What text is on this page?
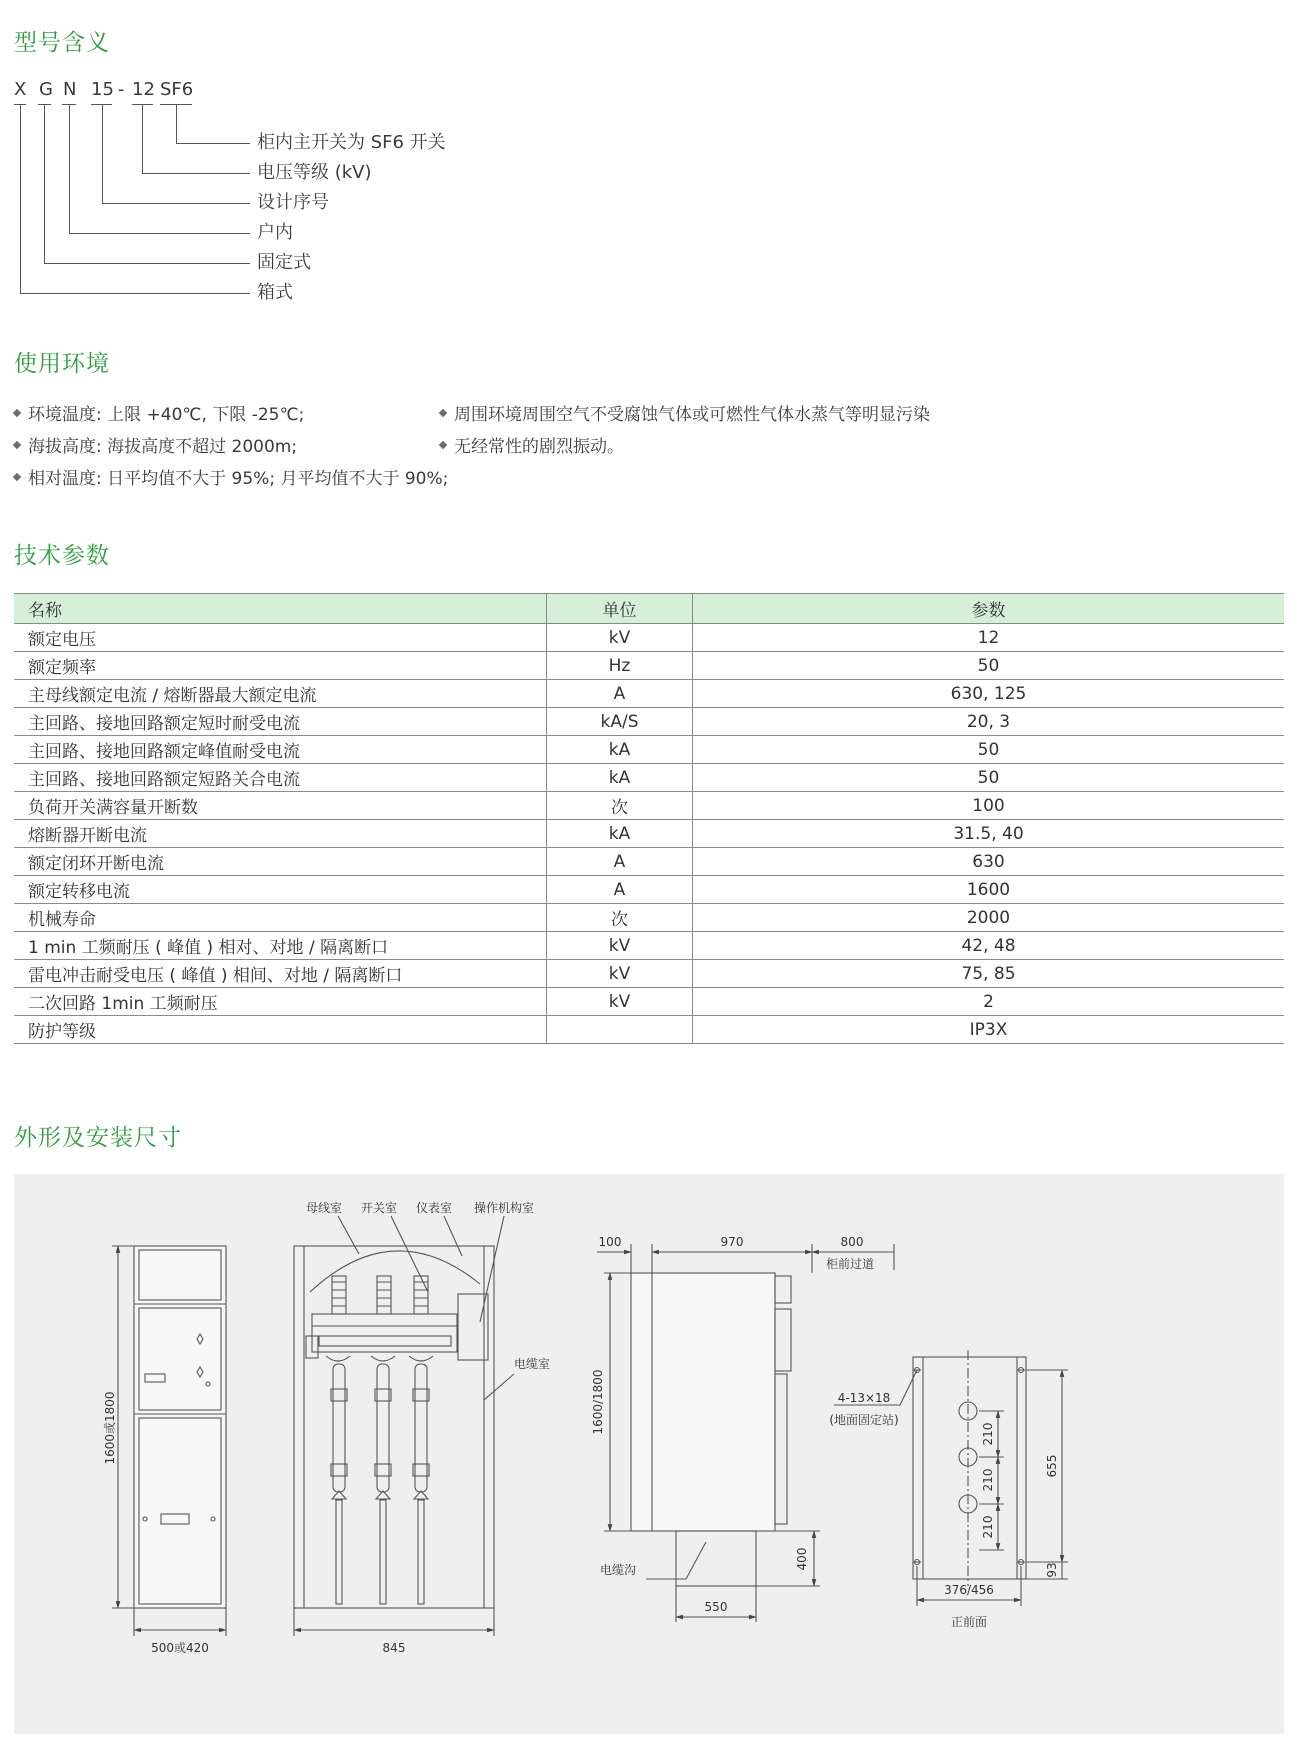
型号含义
使用环境
技术参数
外形及安装尺寸
X G N 15 - 12 SF6
柜内主开关为 SF6 开关
电压等级 (kV)
设计序号
户内
固定式
箱式
环境温度: 上限 +40℃, 下限 -25℃;
海拔高度: 海拔高度不超过 2000m;
相对温度: 日平均值不大于 95%; 月平均值不大于 90%;
周围环境周围空气不受腐蚀气体或可燃性气体水蒸气等明显污染
无经常性的剧烈振动。
名称	单位	参数
额定电压	kV	12
额定频率	Hz	50
主母线额定电流 / 熔断器最大额定电流	A	630, 125
主回路、接地回路额定短时耐受电流	kA/S	20, 3
主回路、接地回路额定峰值耐受电流	kA	50
主回路、接地回路额定短路关合电流	kA	50
负荷开关满容量开断数	次	100
熔断器开断电流	kA	31.5, 40
额定闭环开断电流	A	630
额定转移电流	A	1600
机械寿命	次	2000
1 min 工频耐压 ( 峰值 ) 相对、对地 / 隔离断口	kV	42, 48
雷电冲击耐受电压 ( 峰值 ) 相间、对地 / 隔离断口	kV	75, 85
二次回路 1min 工频耐压	kV	2
防护等级		IP3X
1600或1800
500或420
母线室 开关室 仪表室 操作机构室
电缆室
845
100	970	800
柜前过道
1600/1800
电缆沟	400
550
4-13×18
(地面固定站)
210
210
210
655
93
376/456
正前面
